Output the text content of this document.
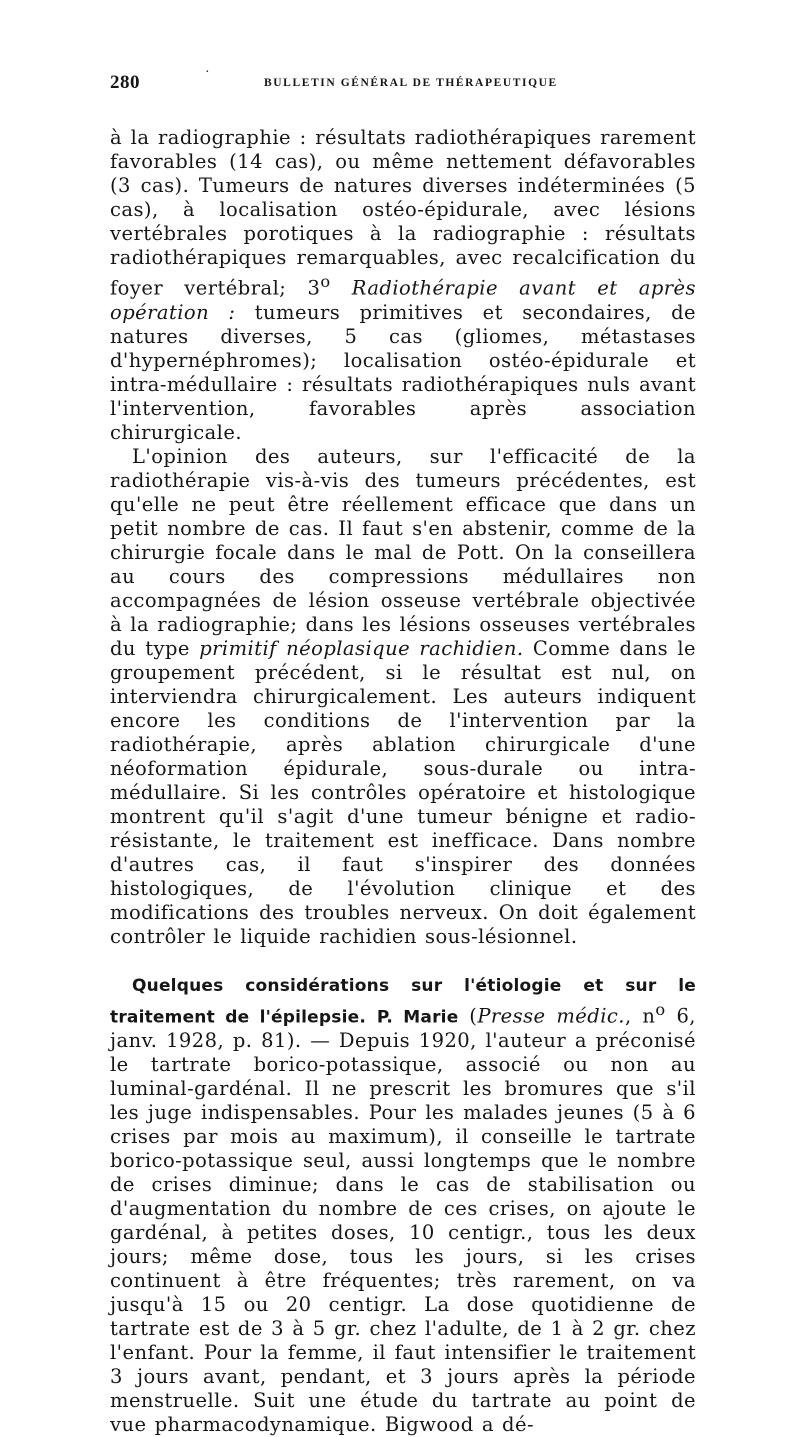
280	·
BULLETIN GÉNÉRAL DE THÉRAPEUTIQUE

à la radiographie : résultats radiothérapiques rarement favorables (14 cas), ou même nettement défavorables (3 cas). Tumeurs de natures diverses indéterminées (5 cas), à localisation ostéo-épidurale, avec lésions vertébrales porotiques à la radiographie : résultats radiothérapiques remarquables, avec recalcification du foyer vertébral; 3$^o$ Radiothérapie avant et après opération : tumeurs primitives et secondaires, de natures diverses, 5 cas (gliomes, métastases d'hypernéphromes); localisation ostéo-épidurale et intra-médullaire : résultats radiothérapiques nuls avant l'intervention, favorables après association chirurgicale.

L'opinion des auteurs, sur l'efficacité de la radiothérapie vis-à-vis des tumeurs précédentes, est qu'elle ne peut être réellement efficace que dans un petit nombre de cas. Il faut s'en abstenir, comme de la chirurgie focale dans le mal de Pott. On la conseillera au cours des compressions médullaires non accompagnées de lésion osseuse vertébrale objectivée à la radiographie; dans les lésions osseuses vertébrales du type primitif néoplasique rachidien. Comme dans le groupement précédent, si le résultat est nul, on interviendra chirurgicalement. Les auteurs indiquent encore les conditions de l'intervention par la radiothérapie, après ablation chirurgicale d'une néoformation épidurale, sous-durale ou intra-médullaire. Si les contrôles opératoire et histologique montrent qu'il s'agit d'une tumeur bénigne et radio-résistante, le traitement est inefficace. Dans nombre d'autres cas, il faut s'inspirer des données histologiques, de l'évolution clinique et des modifications des troubles nerveux. On doit également contrôler le liquide rachidien sous-lésionnel.

Quelques considérations sur l'étiologie et sur le traitement de l'épilepsie. P. Marie (Presse médic., $n^o$ 6, janv. 1928, p. 81). — Depuis 1920, l'auteur a préconisé le tartrate borico-potassique, associé ou non au luminal-gardénal. Il ne prescrit les bromures que s'il les juge indispensables. Pour les malades jeunes (5 à 6 crises par mois au maximum), il conseille le tartrate borico-potassique seul, aussi longtemps que le nombre de crises diminue; dans le cas de stabilisation ou d'augmentation du nombre de ces crises, on ajoute le gardénal, à petites doses, 10 centigr., tous les deux jours; même dose, tous les jours, si les crises continuent à être fréquentes; très rarement, on va jusqu'à 15 ou 20 centigr. La dose quotidienne de tartrate est de 3 à 5 gr. chez l'adulte, de 1 à 2 gr. chez l'enfant. Pour la femme, il faut intensifier le traitement 3 jours avant, pendant, et 3 jours après la période menstruelle. Suit une étude du tartrate au point de vue pharmacodynamique. Bigwood a dé-
